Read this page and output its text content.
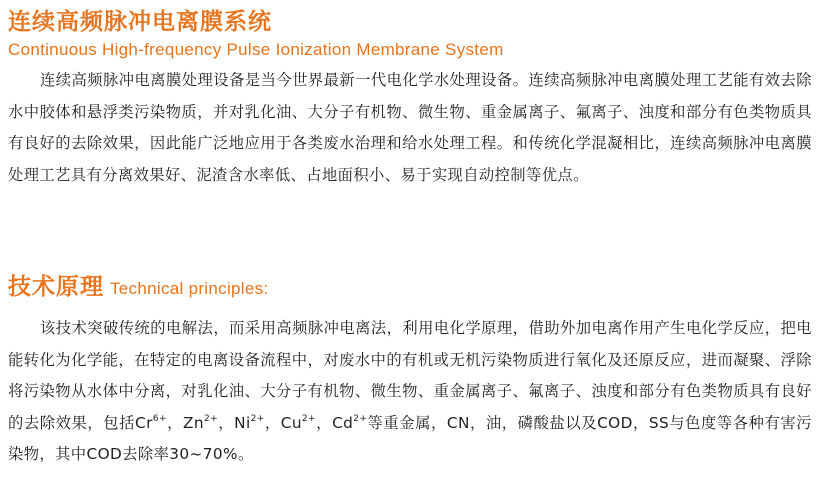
连续高频脉冲电离膜系统
Continuous High-frequency Pulse Ionization Membrane System

连续高频脉冲电离膜处理设备是当今世界最新一代电化学水处理设备。连续高频脉冲电离膜处理工艺能有效去除水中胶体和悬浮类污染物质，并对乳化油、大分子有机物、微生物、重金属离子、氟离子、浊度和部分有色类物质具有良好的去除效果，因此能广泛地应用于各类废水治理和给水处理工程。和传统化学混凝相比，连续高频脉冲电离膜处理工艺具有分离效果好、泥渣含水率低、占地面积小、易于实现自动控制等优点。

技术原理 Technical principles:

该技术突破传统的电解法，而采用高频脉冲电离法，利用电化学原理，借助外加电离作用产生电化学反应，把电能转化为化学能，在特定的电离设备流程中，对废水中的有机或无机污染物质进行氧化及还原反应，进而凝聚、浮除将污染物从水体中分离，对乳化油、大分子有机物、微生物、重金属离子、氟离子、浊度和部分有色类物质具有良好的去除效果，包括$Cr^{6+}$，$Zn^{2+}$，$Ni^{2+}$，$Cu^{2+}$，$Cd^{2+}$等重金属，CN，油，磷酸盐以及COD，SS与色度等各种有害污染物，其中COD去除率30~70%。
